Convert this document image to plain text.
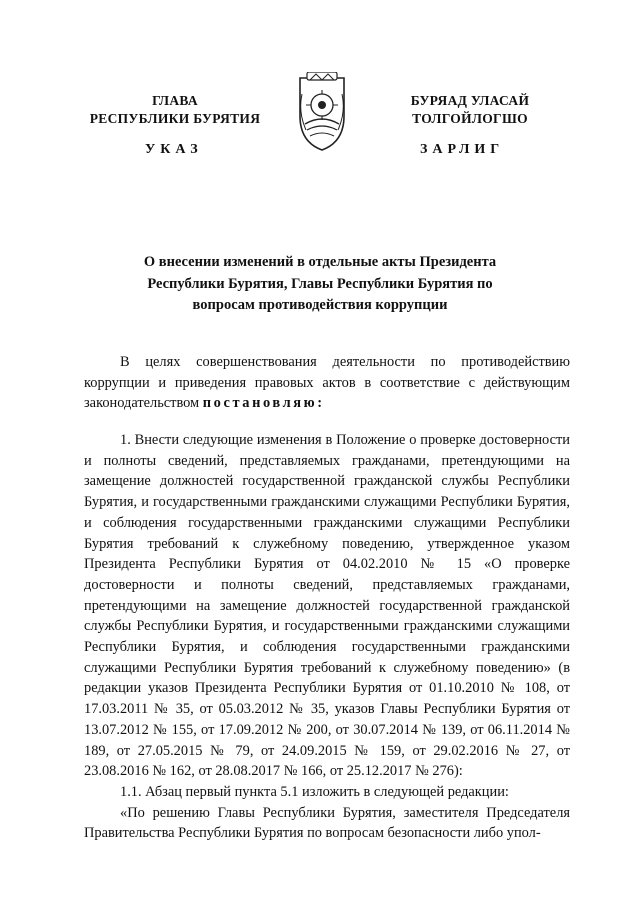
ГЛАВА
РЕСПУБЛИКИ БУРЯТИЯ
БУРЯАД УЛАСАЙ
ТОЛГОЙЛОГШО
УКАЗ	ЗАРЛИГ
О внесении изменений в отдельные акты Президента
Республики Бурятия, Главы Республики Бурятия по
вопросам противодействия коррупции

В целях совершенствования деятельности по противодействию коррупции и приведения правовых актов в соответствие с действующим законодательством постановляю:

1. Внести следующие изменения в Положение о проверке достоверности и полноты сведений, представляемых гражданами, претендующими на замещение должностей государственной гражданской службы Республики Бурятия, и государственными гражданскими служащими Республики Бурятия, и соблюдения государственными гражданскими служащими Республики Бурятия требований к служебному поведению, утвержденное указом Президента Республики Бурятия от 04.02.2010 № 15 «О проверке достоверности и полноты сведений, представляемых гражданами, претендующими на замещение должностей государственной гражданской службы Республики Бурятия, и государственными гражданскими служащими Республики Бурятия, и соблюдения государственными гражданскими служащими Республики Бурятия требований к служебному поведению» (в редакции указов Президента Республики Бурятия от 01.10.2010 № 108, от 17.03.2011 № 35, от 05.03.2012 № 35, указов Главы Республики Бурятия от 13.07.2012 № 155, от 17.09.2012 № 200, от 30.07.2014 № 139, от 06.11.2014 № 189, от 27.05.2015 № 79, от 24.09.2015 № 159, от 29.02.2016 № 27, от 23.08.2016 № 162, от 28.08.2017 № 166, от 25.12.2017 № 276):

1.1. Абзац первый пункта 5.1 изложить в следующей редакции:

«По решению Главы Республики Бурятия, заместителя Председателя Правительства Республики Бурятия по вопросам безопасности либо упол-
